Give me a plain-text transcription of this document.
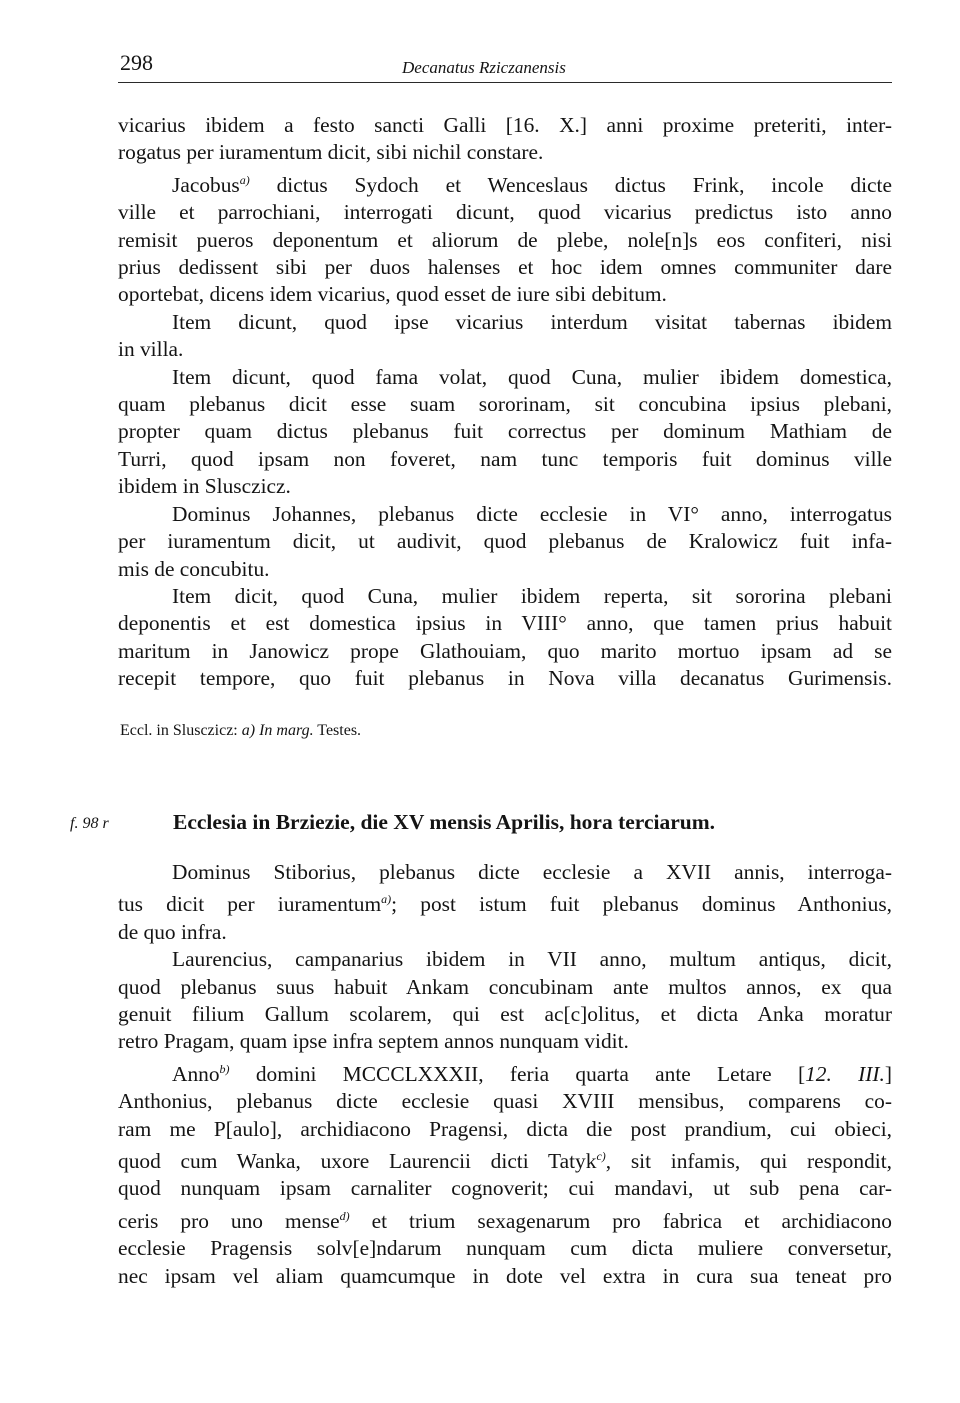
298	Decanatus Rziczanensis

vicarius ibidem a festo sancti Galli [16. X.] anni proxime preteriti, inter-
rogatus per iuramentum dicit, sibi nichil constare.

Jacobus$^{a)}$ dictus Sydoch et Wenceslaus dictus Frink, incole dicte
ville et parrochiani, interrogati dicunt, quod vicarius predictus isto anno
remisit pueros deponentum et aliorum de plebe, nole[n]s eos confiteri, nisi
prius dedissent sibi per duos halenses et hoc idem omnes communiter dare
oportebat, dicens idem vicarius, quod esset de iure sibi debitum.

Item dicunt, quod ipse vicarius interdum visitat tabernas ibidem
in villa.

Item dicunt, quod fama volat, quod Cuna, mulier ibidem domestica,
quam plebanus dicit esse suam sororinam, sit concubina ipsius plebani,
propter quam dictus plebanus fuit correctus per dominum Mathiam de
Turri, quod ipsam non foveret, nam tunc temporis fuit dominus ville
ibidem in Slusczicz.

Dominus Johannes, plebanus dicte ecclesie in VI° anno, interrogatus
per iuramentum dicit, ut audivit, quod plebanus de Kralowicz fuit infa-
mis de concubitu.

Item dicit, quod Cuna, mulier ibidem reperta, sit sororina plebani
deponentis et est domestica ipsius in VIII° anno, que tamen prius habuit
maritum in Janowicz prope Glathouiam, quo marito mortuo ipsam ad se
recepit tempore, quo fuit plebanus in Nova villa decanatus Gurimensis.

Eccl. in Slusczicz: a) In marg. Testes.
f. 98 r	Ecclesia in Brziezie, die XV mensis Aprilis, hora terciarum.

Dominus Stiborius, plebanus dicte ecclesie a XVII annis, interroga-
tus dicit per iuramentum$^{a)}$; post istum fuit plebanus dominus Anthonius,
de quo infra.

Laurencius, campanarius ibidem in VII anno, multum antiqus, dicit,
quod plebanus suus habuit Ankam concubinam ante multos annos, ex qua
genuit filium Gallum scolarem, qui est ac[c]olitus, et dicta Anka moratur
retro Pragam, quam ipse infra septem annos nunquam vidit.

Anno$^{b)}$ domini MCCCLXXXII, feria quarta ante Letare [12. III.]
Anthonius, plebanus dicte ecclesie quasi XVIII mensibus, comparens co-
ram me P[aulo], archidiacono Pragensi, dicta die post prandium, cui obieci,
quod cum Wanka, uxore Laurencii dicti Tatyk$^{c)}$, sit infamis, qui respondit,
quod nunquam ipsam carnaliter cognoverit; cui mandavi, ut sub pena car-
ceris pro uno mense$^{d)}$ et trium sexagenarum pro fabrica et archidiacono
ecclesie Pragensis solv[e]ndarum nunquam cum dicta muliere conversetur,
nec ipsam vel aliam quamcumque in dote vel extra in cura sua teneat pro
